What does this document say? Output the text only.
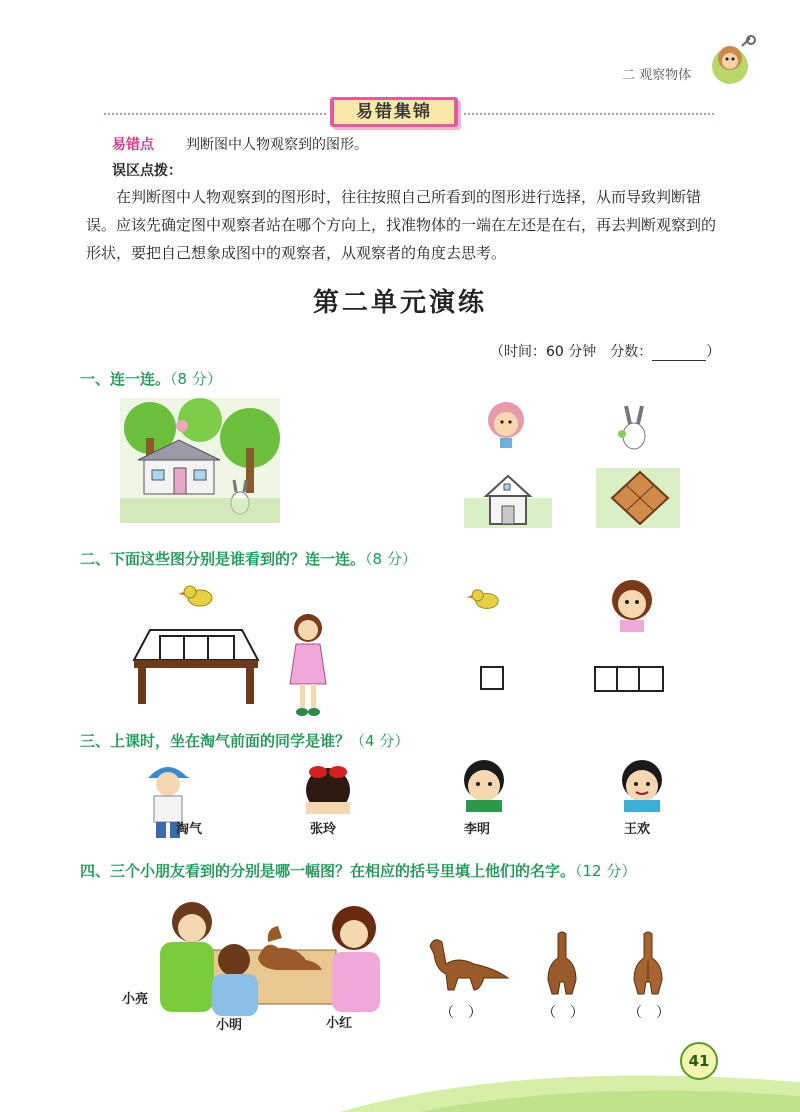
二 观察物体
易错集锦
易错点 判断图中人物观察到的图形。
误区点拨：
在判断图中人物观察到的图形时，往往按照自己所看到的图形进行选择，从而导致判断错误。应该先确定图中观察者站在哪个方向上，找准物体的一端在左还是在右，再去判断观察到的形状，要把自己想象成图中的观察者，从观察者的角度去思考。
第二单元演练
（时间：60 分钟　分数：	）
一、连一连。（8 分）
二、下面这些图分别是谁看到的？连一连。（8 分）
三、上课时，坐在淘气前面的同学是谁？（4 分）
淘气	张玲	李明	王欢
四、三个小朋友看到的分别是哪一幅图？在相应的括号里填上他们的名字。（12 分）
小亮
小明	小红
（　）	（　）	（　）
41
